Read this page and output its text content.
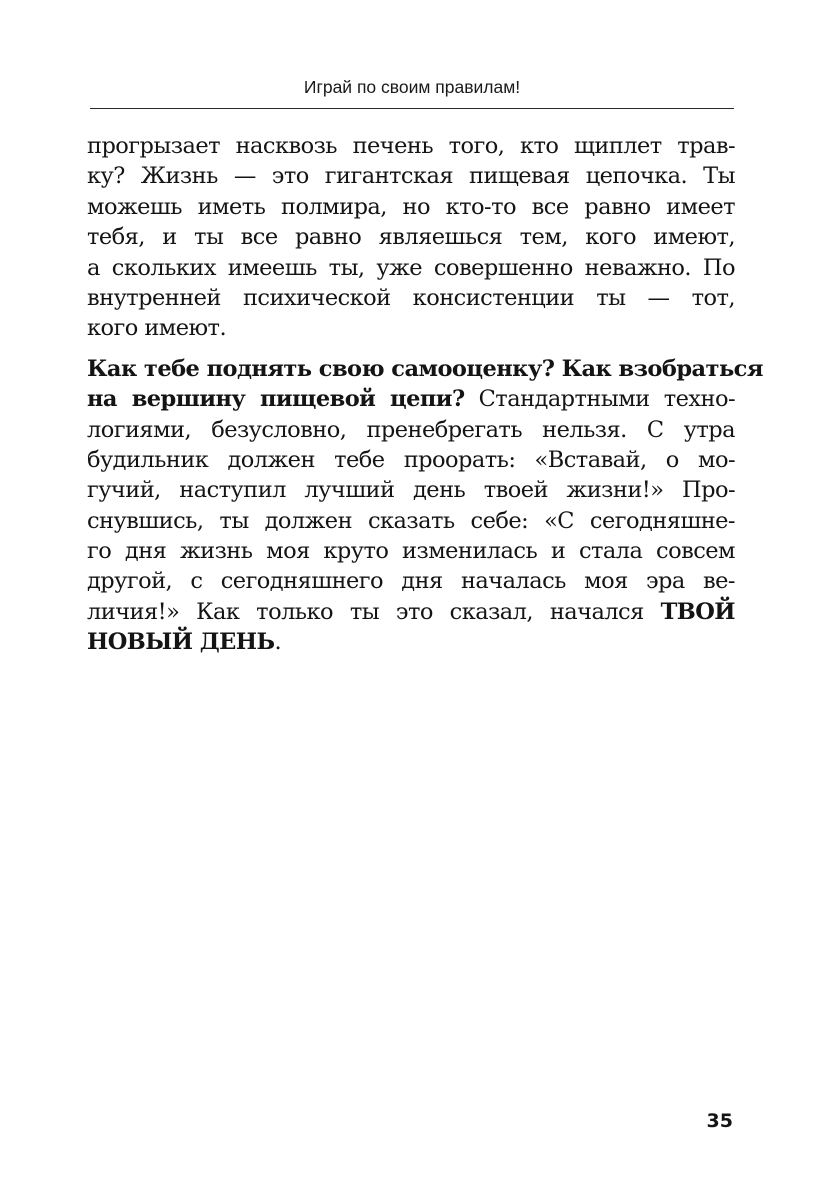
Играй по своим правилам!
прогрызает насквозь печень того, кто щиплет трав-
ку? Жизнь — это гигантская пищевая цепочка. Ты
можешь иметь полмира, но кто-то все равно имеет
тебя, и ты все равно являешься тем, кого имеют,
а скольких имеешь ты, уже совершенно неважно. По
внутренней психической консистенции ты — тот,
кого имеют.
Как тебе поднять свою самооценку? Как взобраться
на вершину пищевой цепи? Стандартными техно-
логиями, безусловно, пренебрегать нельзя. С утра
будильник должен тебе проорать: «Вставай, о мо-
гучий, наступил лучший день твоей жизни!» Про-
снувшись, ты должен сказать себе: «С сегодняшне-
го дня жизнь моя круто изменилась и стала совсем
другой, с сегодняшнего дня началась моя эра ве-
личия!» Как только ты это сказал, начался ТВОЙ
НОВЫЙ ДЕНЬ.
35
